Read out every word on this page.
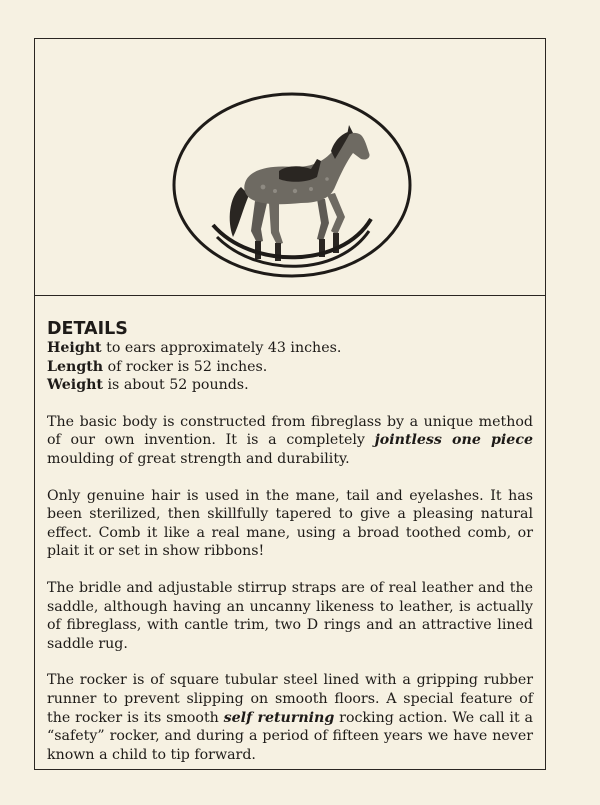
DETAILS

Height to ears approximately 43 inches.

Length of rocker is 52 inches.

Weight is about 52 pounds.

The basic body is constructed from fibreglass by a unique method of our own invention. It is a completely jointless one piece moulding of great strength and durability.

Only genuine hair is used in the mane, tail and eyelashes. It has been sterilized, then skillfully tapered to give a pleasing natural effect. Comb it like a real mane, using a broad toothed comb, or plait it or set in show ribbons!

The bridle and adjustable stirrup straps are of real leather and the saddle, although having an uncanny likeness to leather, is actually of fibreglass, with cantle trim, two D rings and an attractive lined saddle rug.

The rocker is of square tubular steel lined with a gripping rubber runner to prevent slipping on smooth floors. A special feature of the rocker is its smooth self returning rocking action. We call it a “safety” rocker, and during a period of fifteen years we have never known a child to tip forward.
